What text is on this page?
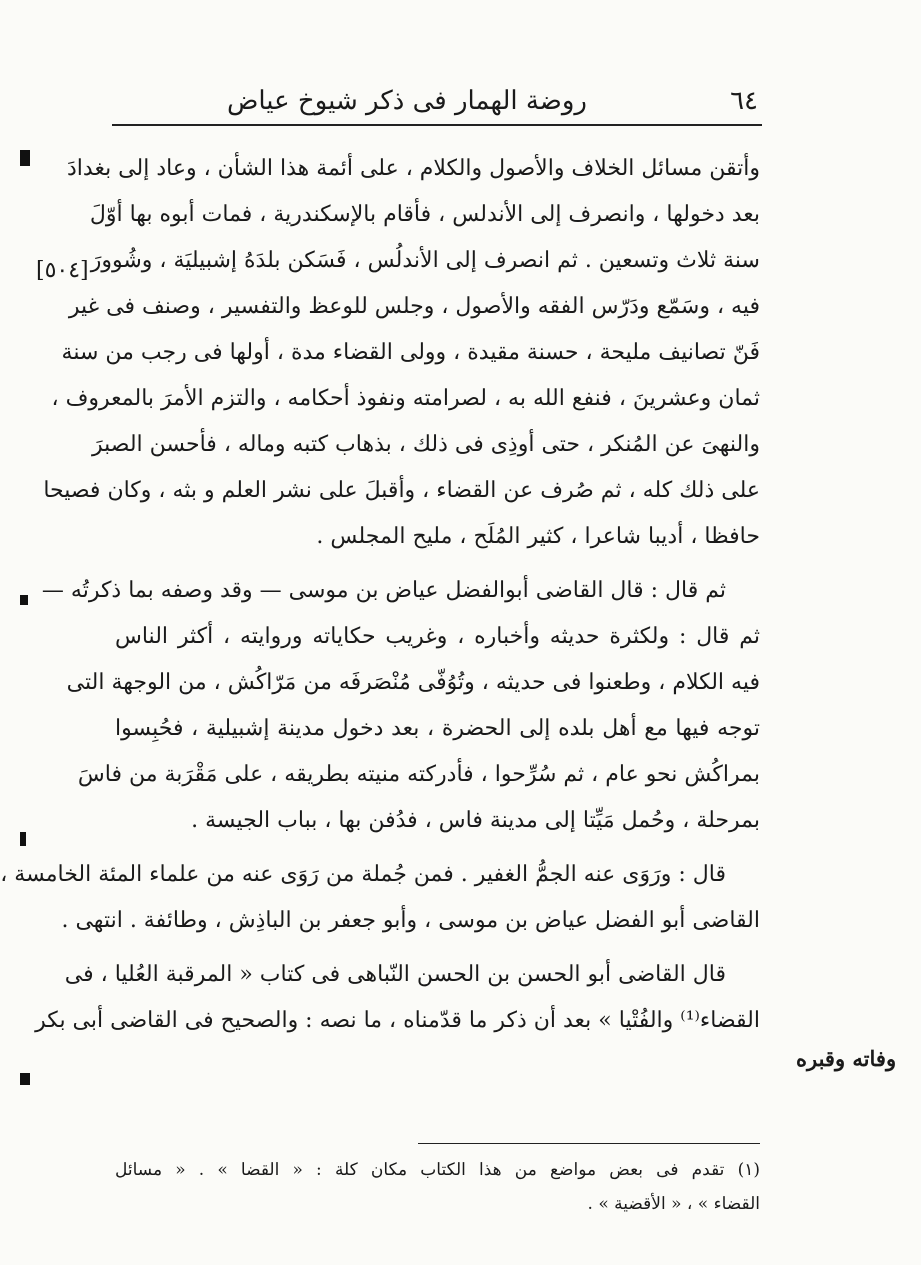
٦٤
روضة الهمار فى ذكر شيوخ عياض
[٥٠٤]
وفاته وقبره
وأتقن مسائل الخلاف والأصول والكلام ، على أئمة هذا الشأن ، وعاد إلى بغدادَ
بعد دخولها ، وانصرف إلى الأندلس ، فأقام بالإسكندرية ، فمات أبوه بها أوّلَ
سنة ثلاث وتسعين . ثم انصرف إلى الأندلُس ، فَسَكن بلدَهُ إشبيليَة ، وشُوورَ
فيه ، وسَمّع ودَرّس الفقه والأصول ، وجلس للوعظ والتفسير ، وصنف فى غير
فَنّ تصانيف مليحة ، حسنة مقيدة ، وولى القضاء مدة ، أولها فى رجب من سنة
ثمان وعشرينَ ، فنفع الله به ، لصرامته ونفوذ أحكامه ، والتزم الأمرَ بالمعروف ،
والنهىَ عن المُنكر ، حتى أوذِى فى ذلك ، بذهاب كتبه وماله ، فأحسن الصبرَ
على ذلك كله ، ثم صُرف عن القضاء ، وأقبلَ على نشر العلم و بثه ، وكان فصيحا
حافظا ، أديبا شاعرا ، كثير المُلَح ، مليح المجلس .
ثم قال : قال القاضى أبوالفضل عياض بن موسى — وقد وصفه بما ذكرتُه —
ثم قال : ولكثرة حديثه وأخباره ، وغريب حكاياته وروايته ، أكثر الناس
فيه الكلام ، وطعنوا فى حديثه ، وتُوُفّى مُنْصَرفَه من مَرّاكُش ، من الوجهة التى
توجه فيها مع أهل بلده إلى الحضرة ، بعد دخول مدينة إشبيلية ، فحُبِسوا
بمراكُش نحو عام ، ثم سُرِّحوا ، فأدركته منيته بطريقه ، على مَقْرَبة من فاسَ
بمرحلة ، وحُمل مَيِّتا إلى مدينة فاس ، فدُفن بها ، بباب الجيسة .
قال : ورَوَى عنه الجمُّ الغفير . فمن جُملة من رَوَى عنه من علماء المئة الخامسة ،
القاضى أبو الفضل عياض بن موسى ، وأبو جعفر بن الباذِش ، وطائفة . انتهى .
قال القاضى أبو الحسن بن الحسن النّباهى فى كتاب « المرقبة العُليا ، فى
القضاء⁽¹⁾ والفُتْيا » بعد أن ذكر ما قدّمناه ، ما نصه : والصحيح فى القاضى أبى بكر
(١) تقدم فى بعض مواضع من هذا الكتاب مكان كلة : « القضا » . « مسائل
القضاء » ، « الأقضية » .
